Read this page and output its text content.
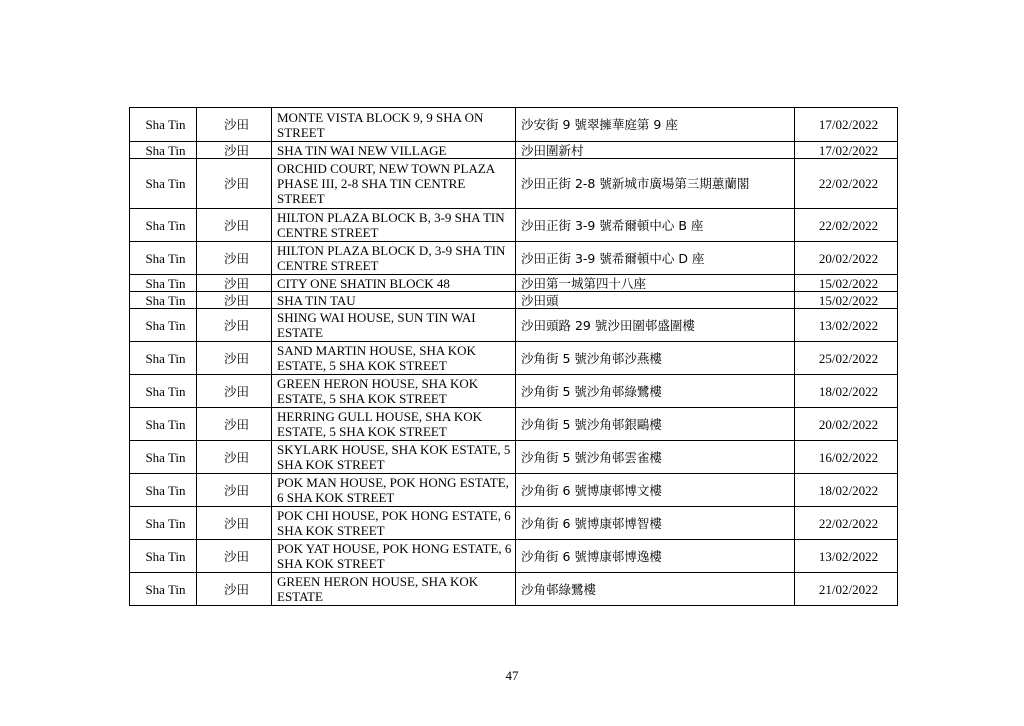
Sha Tin	沙田	MONTE VISTA BLOCK 9, 9 SHA ON STREET	沙安街 9 號翠擁華庭第 9 座	17/02/2022
Sha Tin	沙田	SHA TIN WAI NEW VILLAGE	沙田圍新村	17/02/2022
Sha Tin	沙田	ORCHID COURT, NEW TOWN PLAZA PHASE III, 2-8 SHA TIN CENTRE STREET	沙田正街 2-8 號新城市廣場第三期蕙蘭閣	22/02/2022
Sha Tin	沙田	HILTON PLAZA BLOCK B, 3-9 SHA TIN CENTRE STREET	沙田正街 3-9 號希爾頓中心 B 座	22/02/2022
Sha Tin	沙田	HILTON PLAZA BLOCK D, 3-9 SHA TIN CENTRE STREET	沙田正街 3-9 號希爾頓中心 D 座	20/02/2022
Sha Tin	沙田	CITY ONE SHATIN BLOCK 48	沙田第一城第四十八座	15/02/2022
Sha Tin	沙田	SHA TIN TAU	沙田頭	15/02/2022
Sha Tin	沙田	SHING WAI HOUSE, SUN TIN WAI ESTATE	沙田頭路 29 號沙田圍邨盛圍樓	13/02/2022
Sha Tin	沙田	SAND MARTIN HOUSE, SHA KOK ESTATE, 5 SHA KOK STREET	沙角街 5 號沙角邨沙燕樓	25/02/2022
Sha Tin	沙田	GREEN HERON HOUSE, SHA KOK ESTATE, 5 SHA KOK STREET	沙角街 5 號沙角邨綠鷺樓	18/02/2022
Sha Tin	沙田	HERRING GULL HOUSE, SHA KOK ESTATE, 5 SHA KOK STREET	沙角街 5 號沙角邨銀鷗樓	20/02/2022
Sha Tin	沙田	SKYLARK HOUSE, SHA KOK ESTATE, 5 SHA KOK STREET	沙角街 5 號沙角邨雲雀樓	16/02/2022
Sha Tin	沙田	POK MAN HOUSE, POK HONG ESTATE, 6 SHA KOK STREET	沙角街 6 號博康邨博文樓	18/02/2022
Sha Tin	沙田	POK CHI HOUSE, POK HONG ESTATE, 6 SHA KOK STREET	沙角街 6 號博康邨博智樓	22/02/2022
Sha Tin	沙田	POK YAT HOUSE, POK HONG ESTATE, 6 SHA KOK STREET	沙角街 6 號博康邨博逸樓	13/02/2022
Sha Tin	沙田	GREEN HERON HOUSE, SHA KOK ESTATE	沙角邨綠鷺樓	21/02/2022
47
